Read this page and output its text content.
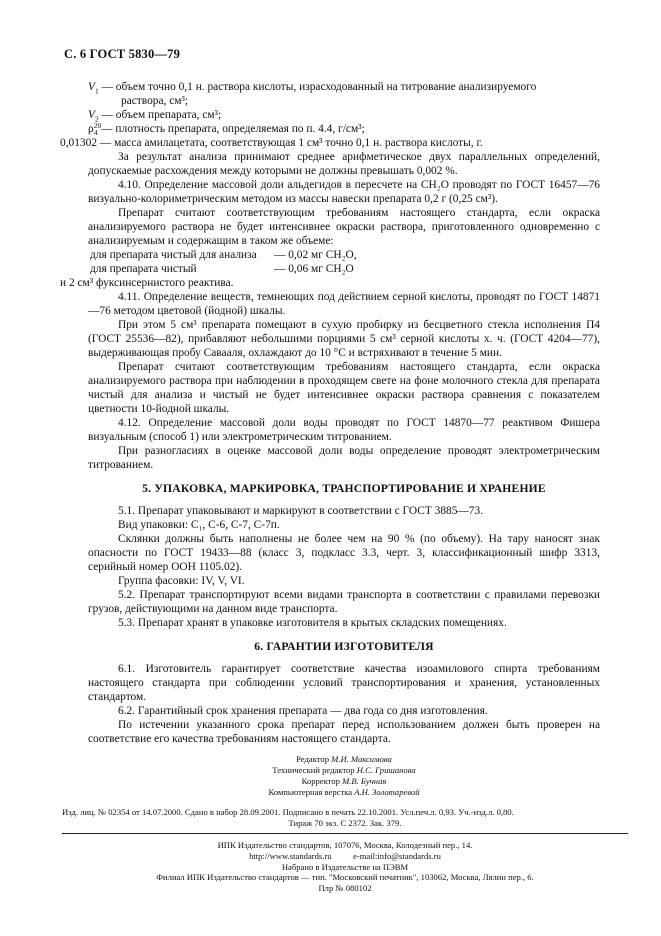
С. 6 ГОСТ 5830—79
$V_1$ — объем точно 0,1 н. раствора кислоты, израсходованный на титрование анализируемого
раствора, см³;
$V_2$ — объем препарата, см³;
ρ 20
4 — плотность препарата, определяемая по п. 4.4, г/см³;
0,01302 — масса амилацетата, соответствующая 1 см³ точно 0,1 н. раствора кислоты, г.

За результат анализа принимают среднее арифметическое двух параллельных определений, допускаемые расхождения между которыми не должны превышать 0,002 %.

4.10. Определение массовой доли альдегидов в пересчете на CH₂O проводят по ГОСТ 16457—76 визуально-колориметрическим методом из массы навески препарата 0,2 г (0,25 см³).

Препарат считают соответствующим требованиям настоящего стандарта, если окраска анализируемого раствора не будет интенсивнее окраски раствора, приготовленного одновременно с анализируемым и содержащим в таком же объеме:

для препарата чистый для анализа	— 0,02 мг CH₂O,
для препарата чистый	— 0,06 мг CH₂O

и 2 см³ фуксинсернистого реактива.

4.11. Определение веществ, темнеющих под действием серной кислоты, проводят по ГОСТ 14871—76 методом цветовой (йодной) шкалы.

При этом 5 см³ препарата помещают в сухую пробирку из бесцветного стекла исполнения П4 (ГОСТ 25536—82), прибавляют небольшими порциями 5 см³ серной кислоты х. ч. (ГОСТ 4204—77), выдерживающая пробу Савааля, охлаждают до 10 °С и встряхивают в течение 5 мин.

Препарат считают соответствующим требованиям настоящего стандарта, если окраска анализируемого раствора при наблюдении в проходящем свете на фоне молочного стекла для препарата чистый для анализа и чистый не будет интенсивнее окраски раствора сравнения с показателем цветности 10-йодной шкалы.

4.12. Определение массовой доли воды проводят по ГОСТ 14870—77 реактивом Фишера визуальным (способ 1) или электрометрическим титрованием.

При разногласиях в оценке массовой доли воды определение проводят электрометрическим титрованием.

5. УПАКОВКА, МАРКИРОВКА, ТРАНСПОРТИРОВАНИЕ И ХРАНЕНИЕ

5.1. Препарат упаковывают и маркируют в соответствии с ГОСТ 3885—73.

Вид упаковки: С₁, С-6, С-7, С-7п.

Склянки должны быть наполнены не более чем на 90 % (по объему). На тару наносят знак опасности по ГОСТ 19433—88 (класс 3, подкласс 3.3, черт. 3, классификационный шифр 3313, серийный номер ООН 1105.02).

Группа фасовки: IV, V, VI.

5.2. Препарат транспортируют всеми видами транспорта в соответствии с правилами перевозки грузов, действующими на данном виде транспорта.

5.3. Препарат хранят в упаковке изготовителя в крытых складских помещениях.

6. ГАРАНТИИ ИЗГОТОВИТЕЛЯ

6.1. Изготовитель гарантирует соответствие качества изоамилового спирта требованиям настоящего стандарта при соблюдении условий транспортирования и хранения, установленных стандартом.

6.2. Гарантийный срок хранения препарата — два года со дня изготовления.

По истечении указанного срока препарат перед использованием должен быть проверен на соответствие его качества требованиям настоящего стандарта.

Редактор М.И. Максимова
Технический редактор Н.С. Гришанова
Корректор М.В. Бучная
Компьютерная верстка А.Н. Золотаревой
Изд. лиц. № 02354 от 14.07.2000. Сдано в набор 28.09.2001. Подписано в печать 22.10.2001. Усл.печ.л. 0,93. Уч.-изд.л. 0,80.
Тираж 70 экз. С 2372. Зак. 379.
ИПК Издательство стандартов, 107076, Москва, Колодезный пер., 14.
http://www.standards.ru e-mail:info@standards.ru
Набрано в Издательстве на ПЭВМ
Филиал ИПК Издательство стандартов — тип. "Московский печатник", 103062, Москва, Лялин пер., 6.
Плр № 080102
